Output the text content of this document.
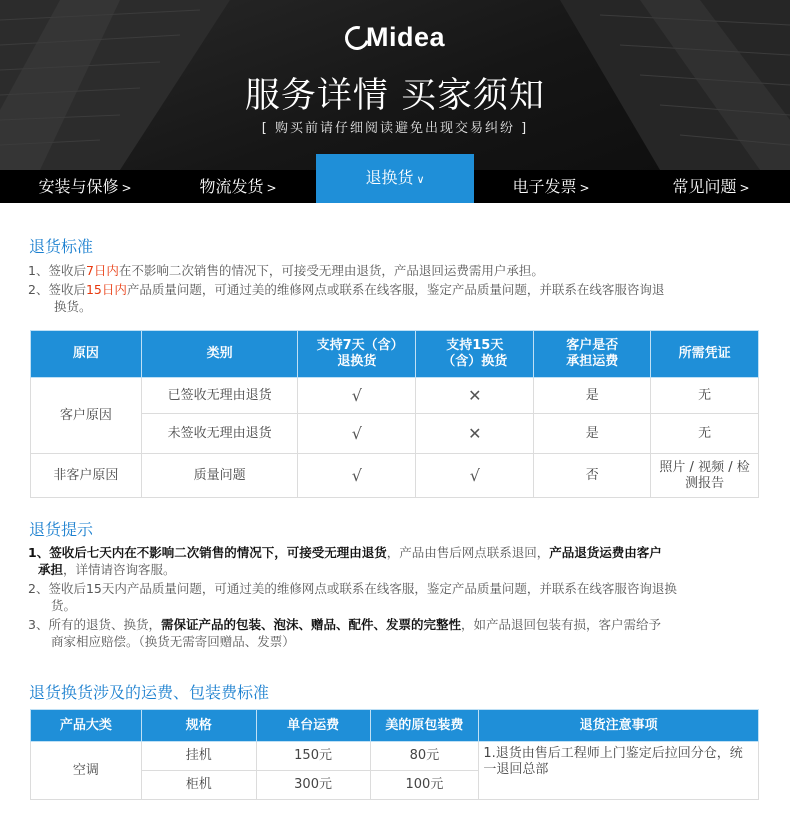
Midea
服务详情 买家须知
[ 购买前请仔细阅读避免出现交易纠纷 ]
安装与保修 >	物流发货 >	电子发票 >	常见问题 >
退换货 ∨
退货标准
1、签收后7日内在不影响二次销售的情况下，可接受无理由退货，产品退回运费需用户承担。
2、签收后15日内产品质量问题，可通过美的维修网点或联系在线客服，鉴定产品质量问题，并联系在线客服咨询退
换货。
原因	类别	支持7天（含）退换货	支持15天（含）换货	客户是否承担运费	所需凭证
客户原因	已签收无理由退货	√	✕	是	无
	未签收无理由退货	√	✕	是	无
非客户原因	质量问题	√	√	否	照片 / 视频 / 检测报告
退货提示
1、签收后七天内在不影响二次销售的情况下，可接受无理由退货，产品由售后网点联系退回，产品退货运费由客户
承担，详情请咨询客服。
2、签收后15天内产品质量问题，可通过美的维修网点或联系在线客服，鉴定产品质量问题，并联系在线客服咨询退换
货。
3、所有的退货、换货，需保证产品的包装、泡沫、赠品、配件、发票的完整性，如产品退回包装有损，客户需给予
商家相应赔偿。（换货无需寄回赠品、发票）
退货换货涉及的运费、包装费标准
产品大类	规格	单台运费	美的原包装费	退货注意事项
空调	挂机	150元	80元	1.退货由售后工程师上门鉴定后拉回分仓，统一退回总部
	柜机	300元	100元	
